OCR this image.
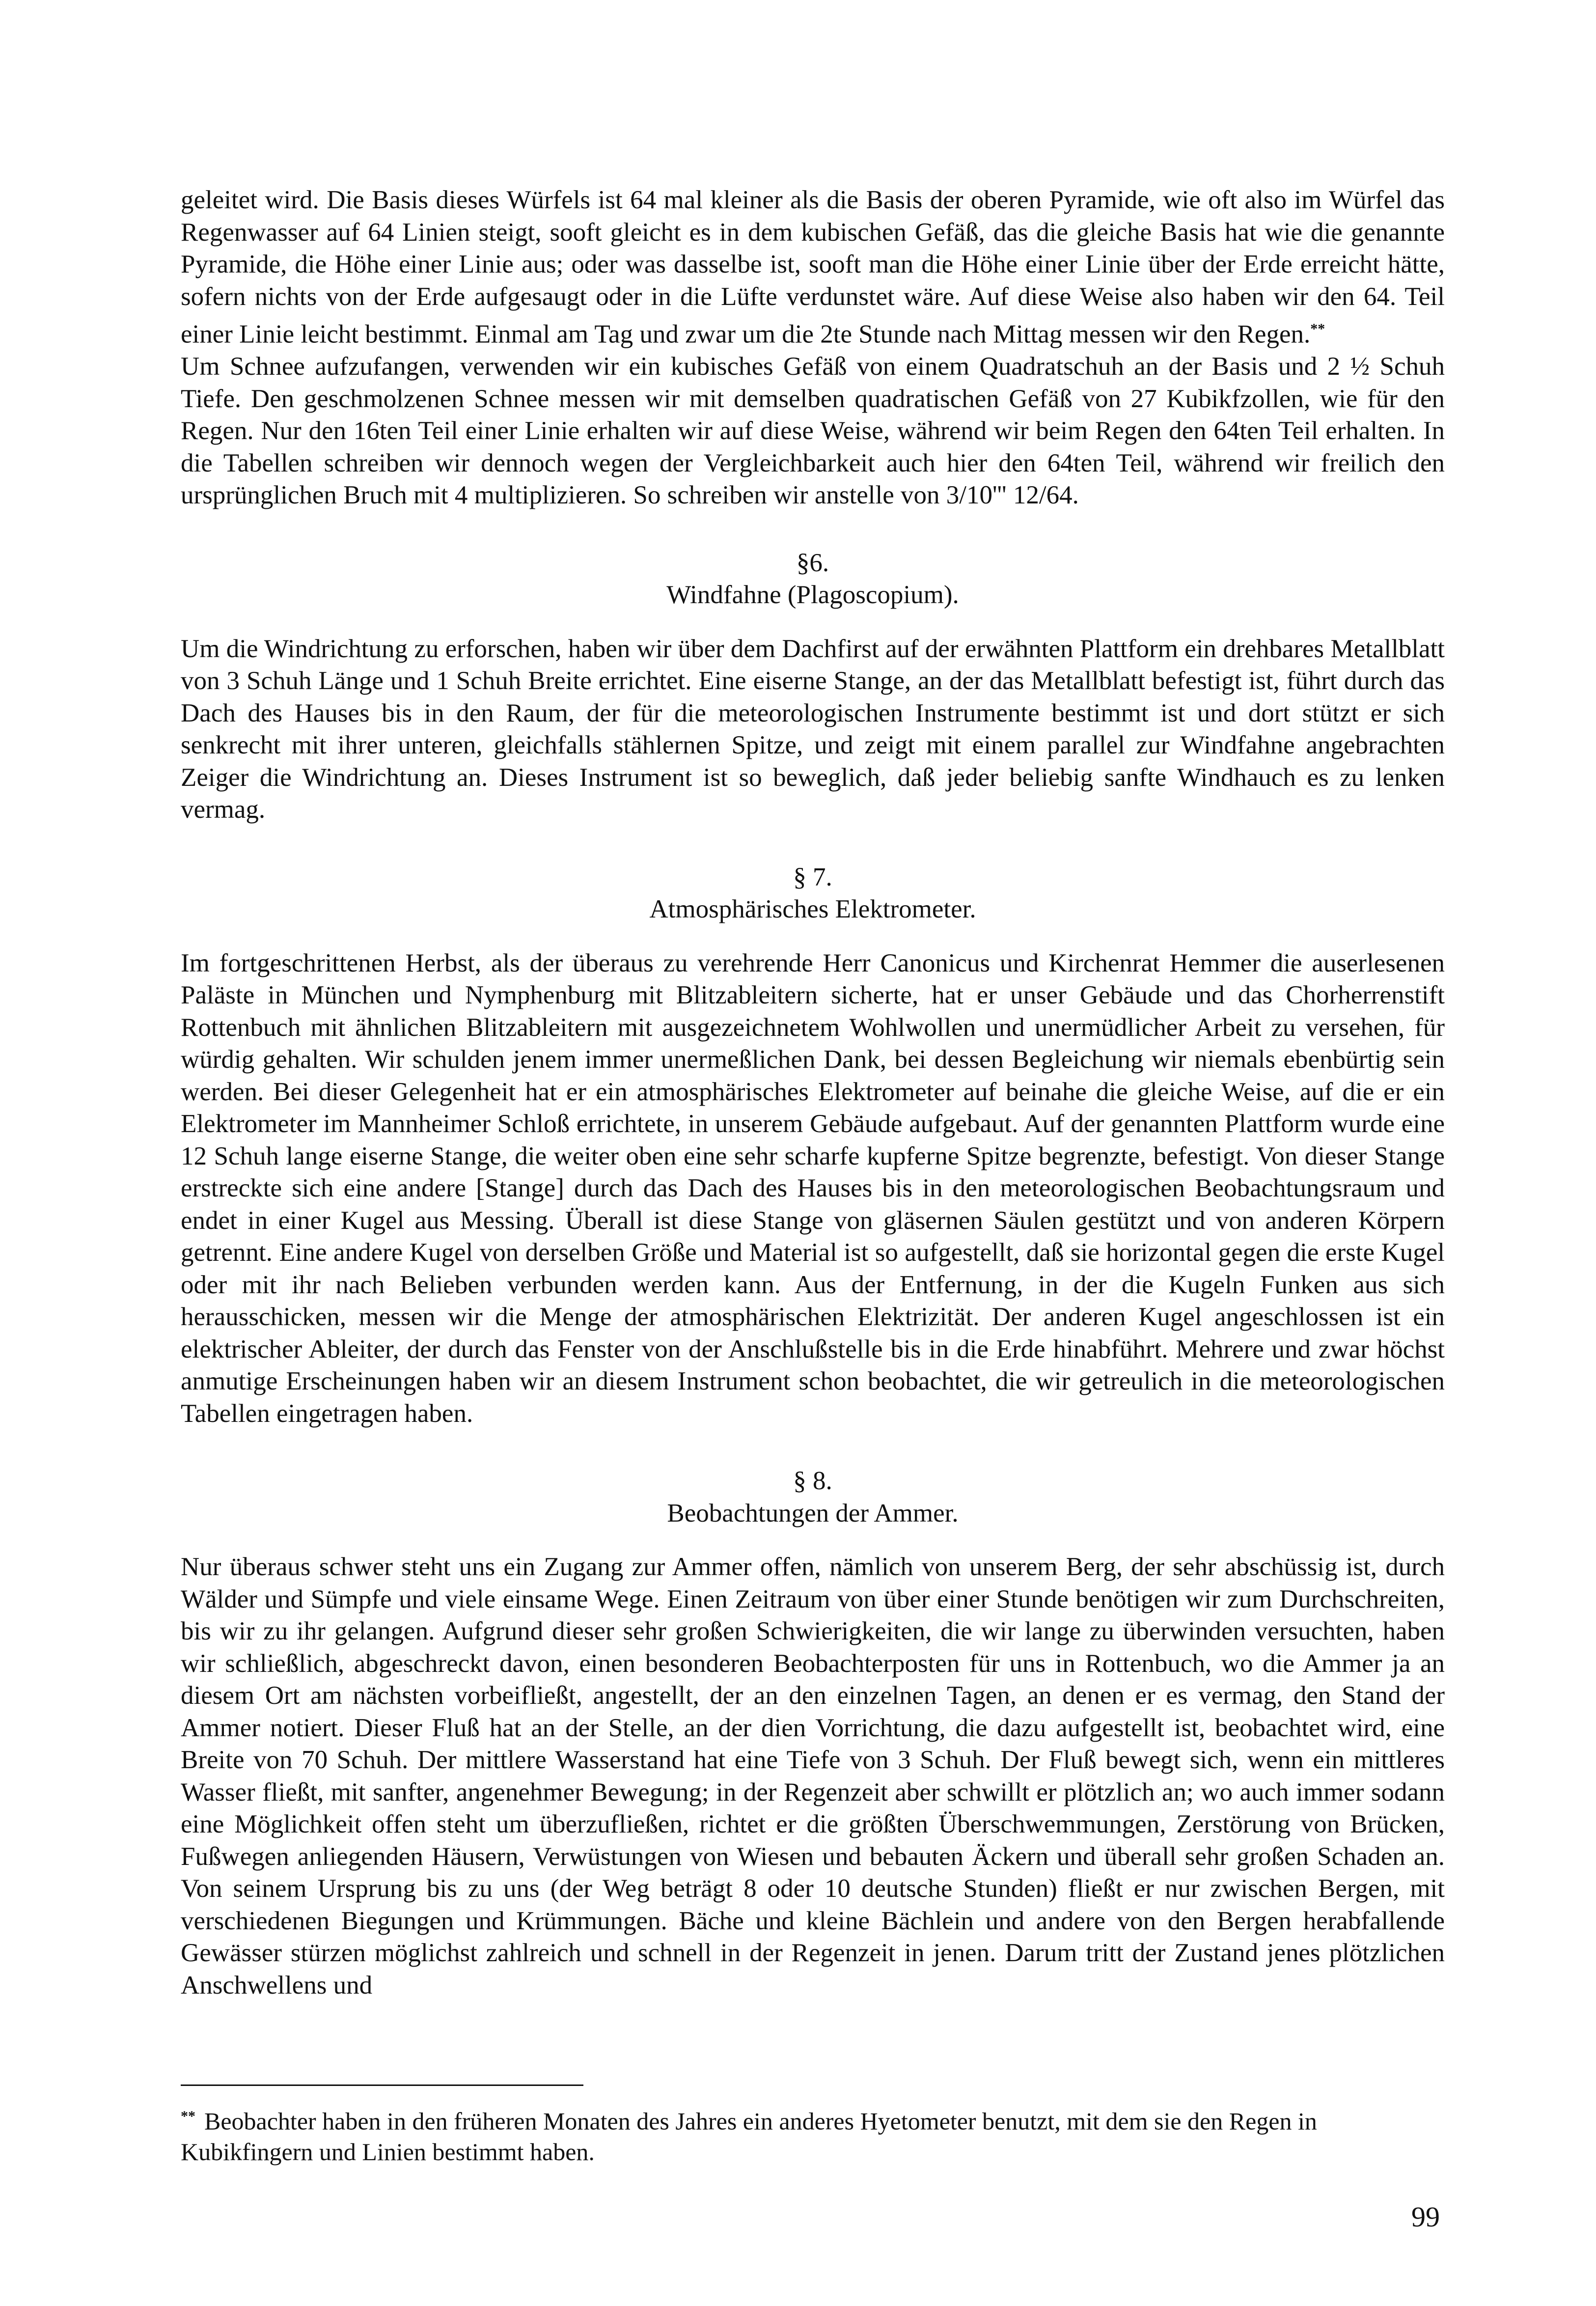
geleitet wird. Die Basis dieses Würfels ist 64 mal kleiner als die Basis der oberen Pyramide, wie oft also im Würfel das Regenwasser auf 64 Linien steigt, sooft gleicht es in dem kubischen Gefäß, das die gleiche Basis hat wie die genannte Pyramide, die Höhe einer Linie aus; oder was dasselbe ist, sooft man die Höhe einer Linie über der Erde erreicht hätte, sofern nichts von der Erde aufgesaugt oder in die Lüfte verdunstet wäre. Auf diese Weise also haben wir den 64. Teil einer Linie leicht bestimmt. Einmal am Tag und zwar um die 2te Stunde nach Mittag messen wir den Regen.**

Um Schnee aufzufangen, verwenden wir ein kubisches Gefäß von einem Quadratschuh an der Basis und 2 ½ Schuh Tiefe. Den geschmolzenen Schnee messen wir mit demselben quadratischen Gefäß von 27 Kubikfzollen, wie für den Regen. Nur den 16ten Teil einer Linie erhalten wir auf diese Weise, während wir beim Regen den 64ten Teil erhalten. In die Tabellen schreiben wir dennoch wegen der Vergleichbarkeit auch hier den 64ten Teil, während wir freilich den ursprünglichen Bruch mit 4 multiplizieren. So schreiben wir anstelle von 3/10''' 12/64.

§6.
Windfahne (Plagoscopium).

Um die Windrichtung zu erforschen, haben wir über dem Dachfirst auf der erwähnten Plattform ein drehbares Metallblatt von 3 Schuh Länge und 1 Schuh Breite errichtet. Eine eiserne Stange, an der das Metallblatt befestigt ist, führt durch das Dach des Hauses bis in den Raum, der für die meteorologischen Instrumente bestimmt ist und dort stützt er sich senkrecht mit ihrer unteren, gleichfalls stählernen Spitze, und zeigt mit einem parallel zur Windfahne angebrachten Zeiger die Windrichtung an. Dieses Instrument ist so beweglich, daß jeder beliebig sanfte Windhauch es zu lenken vermag.

§ 7.
Atmosphärisches Elektrometer.

Im fortgeschrittenen Herbst, als der überaus zu verehrende Herr Canonicus und Kirchenrat Hemmer die auserlesenen Paläste in München und Nymphenburg mit Blitzableitern sicherte, hat er unser Gebäude und das Chorherrenstift Rottenbuch mit ähnlichen Blitzableitern mit ausgezeichnetem Wohlwollen und unermüdlicher Arbeit zu versehen, für würdig gehalten. Wir schulden jenem immer unermeßlichen Dank, bei dessen Begleichung wir niemals ebenbürtig sein werden. Bei dieser Gelegenheit hat er ein atmosphärisches Elektrometer auf beinahe die gleiche Weise, auf die er ein Elektrometer im Mannheimer Schloß errichtete, in unserem Gebäude aufgebaut. Auf der genannten Plattform wurde eine 12 Schuh lange eiserne Stange, die weiter oben eine sehr scharfe kupferne Spitze begrenzte, befestigt. Von dieser Stange erstreckte sich eine andere [Stange] durch das Dach des Hauses bis in den meteorologischen Beobachtungsraum und endet in einer Kugel aus Messing. Überall ist diese Stange von gläsernen Säulen gestützt und von anderen Körpern getrennt. Eine andere Kugel von derselben Größe und Material ist so aufgestellt, daß sie horizontal gegen die erste Kugel oder mit ihr nach Belieben verbunden werden kann. Aus der Entfernung, in der die Kugeln Funken aus sich herausschicken, messen wir die Menge der atmosphärischen Elektrizität. Der anderen Kugel angeschlossen ist ein elektrischer Ableiter, der durch das Fenster von der Anschlußstelle bis in die Erde hinabführt. Mehrere und zwar höchst anmutige Erscheinungen haben wir an diesem Instrument schon beobachtet, die wir getreulich in die meteorologischen Tabellen eingetragen haben.

§ 8.
Beobachtungen der Ammer.

Nur überaus schwer steht uns ein Zugang zur Ammer offen, nämlich von unserem Berg, der sehr abschüssig ist, durch Wälder und Sümpfe und viele einsame Wege. Einen Zeitraum von über einer Stunde benötigen wir zum Durchschreiten, bis wir zu ihr gelangen. Aufgrund dieser sehr großen Schwierigkeiten, die wir lange zu überwinden versuchten, haben wir schließlich, abgeschreckt davon, einen besonderen Beobachterposten für uns in Rottenbuch, wo die Ammer ja an diesem Ort am nächsten vorbeifließt, angestellt, der an den einzelnen Tagen, an denen er es vermag, den Stand der Ammer notiert. Dieser Fluß hat an der Stelle, an der dien Vorrichtung, die dazu aufgestellt ist, beobachtet wird, eine Breite von 70 Schuh. Der mittlere Wasserstand hat eine Tiefe von 3 Schuh. Der Fluß bewegt sich, wenn ein mittleres Wasser fließt, mit sanfter, angenehmer Bewegung; in der Regenzeit aber schwillt er plötzlich an; wo auch immer sodann eine Möglichkeit offen steht um überzufließen, richtet er die größten Überschwemmungen, Zerstörung von Brücken, Fußwegen anliegenden Häusern, Verwüstungen von Wiesen und bebauten Äckern und überall sehr großen Schaden an. Von seinem Ursprung bis zu uns (der Weg beträgt 8 oder 10 deutsche Stunden) fließt er nur zwischen Bergen, mit verschiedenen Biegungen und Krümmungen. Bäche und kleine Bächlein und andere von den Bergen herabfallende Gewässer stürzen möglichst zahlreich und schnell in der Regenzeit in jenen. Darum tritt der Zustand jenes plötzlichen Anschwellens und

** Beobachter haben in den früheren Monaten des Jahres ein anderes Hyetometer benutzt, mit dem sie den Regen in Kubikfingern und Linien bestimmt haben.
99
